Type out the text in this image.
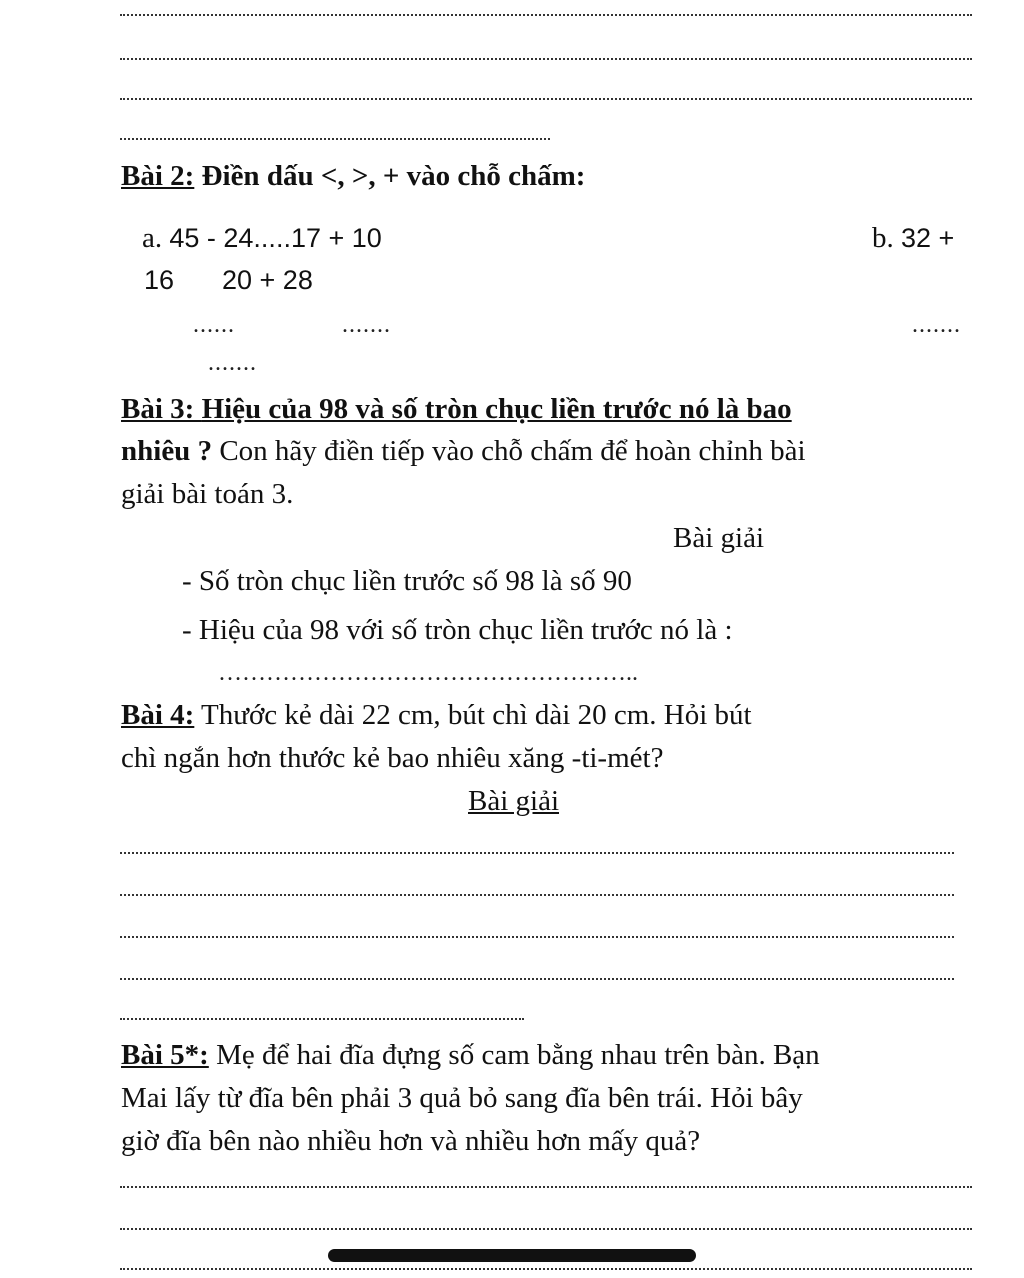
Bài 2: Điền dấu <, >, + vào chỗ chấm:
a. 45 - 24.....17 + 10	b. 32 +
16 20 + 28
......	.......	.......
.......
Bài 3: Hiệu của 98 và số tròn chục liền trước nó là bao
nhiêu ? Con hãy điền tiếp vào chỗ chấm để hoàn chỉnh bài
giải bài toán 3.
Bài giải
- Số tròn chục liền trước số 98 là số 90
- Hiệu của 98 với số tròn chục liền trước nó là :
……………………………………………..
Bài 4: Thước kẻ dài 22 cm, bút chì dài 20 cm. Hỏi bút
chì ngắn hơn thước kẻ bao nhiêu xăng -ti-mét?
Bài giải
Bài 5*: Mẹ để hai đĩa đựng số cam bằng nhau trên bàn. Bạn
Mai lấy từ đĩa bên phải 3 quả bỏ sang đĩa bên trái. Hỏi bây
giờ đĩa bên nào nhiều hơn và nhiều hơn mấy quả?
